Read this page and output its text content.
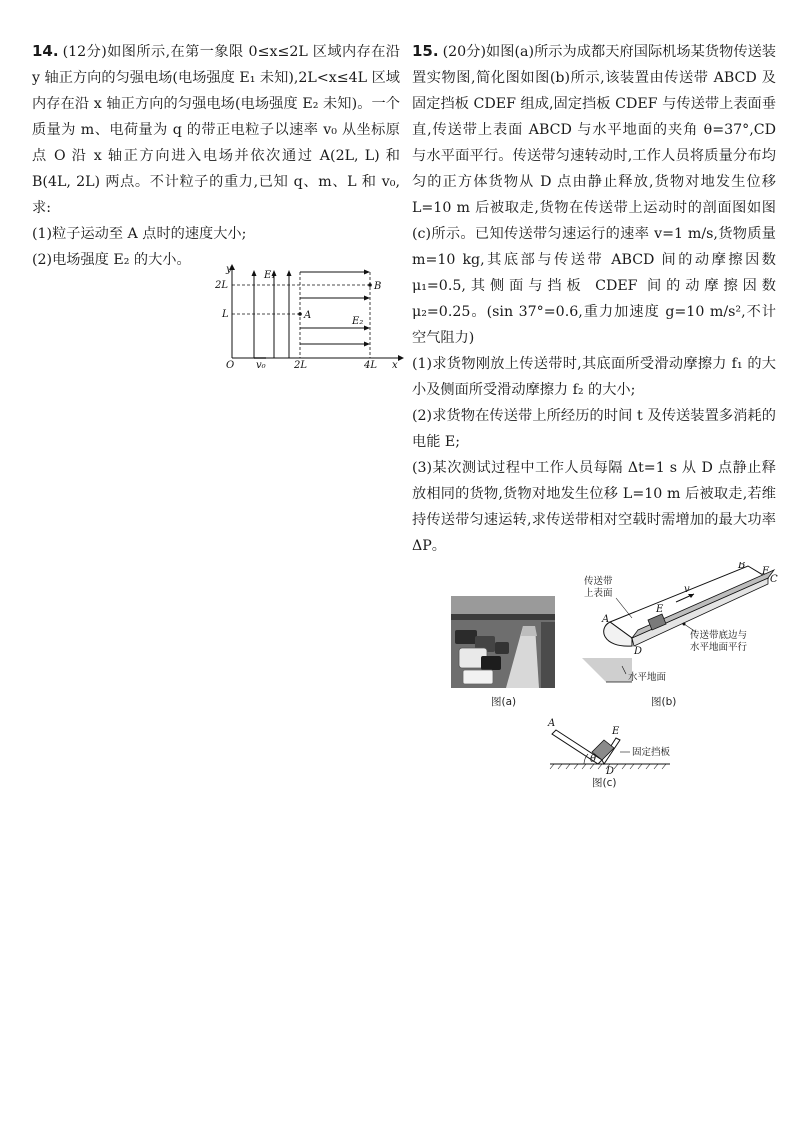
14. (12分)如图所示,在第一象限 0≤x≤2L 区域内存在沿 y 轴正方向的匀强电场(电场强度 E₁ 未知),2L<x≤4L 区域内存在沿 x 轴正方向的匀强电场(电场强度 E₂ 未知)。一个质量为 m、电荷量为 q 的带正电粒子以速率 v₀ 从坐标原点 O 沿 x 轴正方向进入电场并依次通过 A(2L, L) 和 B(4L, 2L) 两点。不计粒子的重力,已知 q、m、L 和 v₀,求:

(1)粒子运动至 A 点时的速度大小;

(2)电场强度 E₂ 的大小。

y
x
O
2L
L
E₁
E₂
A
B
v₀	2L	4L

15. (20分)如图(a)所示为成都天府国际机场某货物传送装置实物图,简化图如图(b)所示,该装置由传送带 ABCD 及固定挡板 CDEF 组成,固定挡板 CDEF 与传送带上表面垂直,传送带上表面 ABCD 与水平地面的夹角 θ=37°,CD 与水平面平行。传送带匀速转动时,工作人员将质量分布均匀的正方体货物从 D 点由静止释放,货物对地发生位移 L=10 m 后被取走,货物在传送带上运动时的剖面图如图(c)所示。已知传送带匀速运行的速率 v=1 m/s,货物质量 m=10 kg,其底部与传送带 ABCD 间的动摩擦因数 μ₁=0.5,其侧面与挡板 CDEF 间的动摩擦因数 μ₂=0.25。(sin 37°=0.6,重力加速度 g=10 m/s²,不计空气阻力)

(1)求货物刚放上传送带时,其底面所受滑动摩擦力 f₁ 的大小及侧面所受滑动摩擦力 f₂ 的大小;

(2)求货物在传送带上所经历的时间 t 及传送装置多消耗的电能 E;

(3)某次测试过程中工作人员每隔 Δt=1 s 从 D 点静止释放相同的货物,货物对地发生位移 L=10 m 后被取走,若维持传送带匀速运转,求传送带相对空载时需增加的最大功率 ΔP。

图(a)
v
A
B
C
D
E
F
传送带
上表面
传送带底边与
水平地面平行
水平地面
图(b)
θ
A
E
D
固定挡板
图(c)
